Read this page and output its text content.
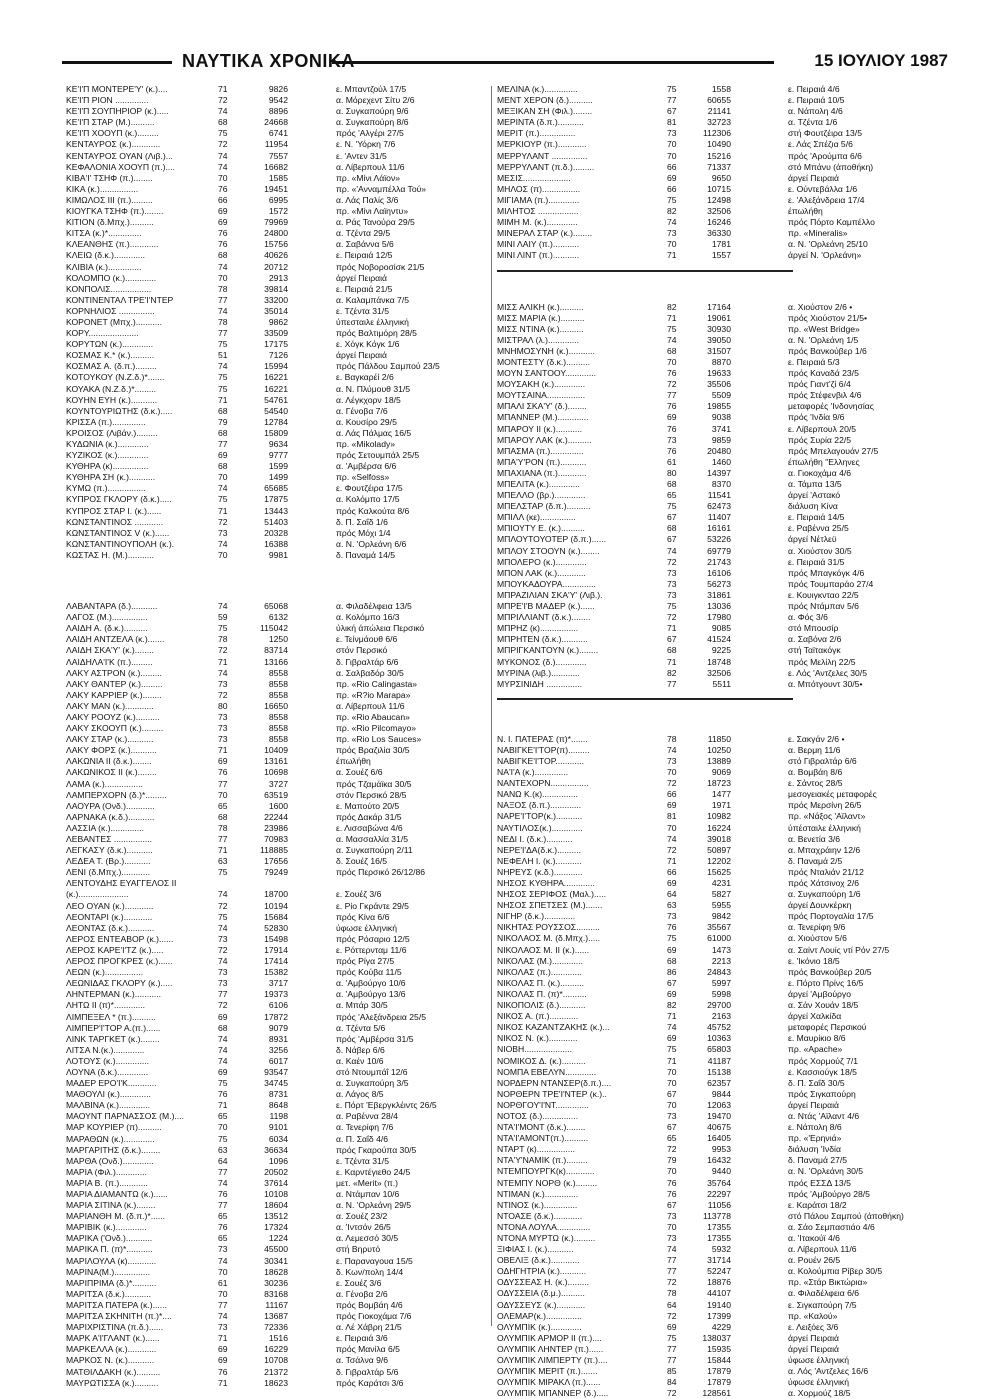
ΝΑΥΤΙΚΑ ΧΡΟΝΙΚΑ	15 ΙΟΥΛΙΟΥ 1987
ΚΕ'Ι'Π ΜΟΝΤΕΡΕ'Υ' (κ.)....	71	9826	ε. Μπαντζούλ 17/5
ΚΕ'Ι'Π ΡΙΟΝ ..............	72	9542	α. Μόρεχεντ Σίτυ 2/6
ΚΕ'Ι'Π ΣΟΥΠΗΡΙΟΡ (κ.).....	74	8896	α. Συγκαπούρη 9/6
ΚΕ'Ι'Π ΣΤΑΡ (Μ.)..........	68	24668	α. Συγκαπούρη 8/6
ΚΕ'Ι'Π ΧΟΟΥΠ (κ.).........	75	6741	πρός 'Αλγέρι 27/5
ΚΕΝΤΑΥΡΟΣ (κ.)............	72	11954	ε. Ν. 'Υόρκη 7/6
ΚΕΝΤΑΥΡΟΣ ΟΥΑΝ (Λιβ.)...	74	7557	ε. 'Αντεν 31/5
ΚΕΦΑΛΟΝΙΑ ΧΟΟΥΠ (π.)....	74	16682	α. Λίβερπουλ 11/6
ΚΙΒΑ'Ι' ΤΣΗΦ (π.)........	70	1585	πρ. «Μίνι Λάϊον»
ΚΙΚΑ (κ.)................	76	19451	πρ. «'Ανναμπέλλα Τού»
ΚΙΜΩΛΟΣ III (π.).........	66	6995	α. Λάς Παλίς 3/6
ΚΙΟΥΓΚΑ ΤΣΗΦ (π.)........	69	1572	πρ. «Μίνι Λαϊηντυ»
ΚΙΤΙΟΝ (δ.Μπχ.)..........	69	79969	α. Ράς Τανούρα 29/5
ΚΙΤΣΑ (κ.)*..............	76	24800	α. Τζέντα 29/5
ΚΛΕΑΝΘΗΣ (π.)............	76	15756	α. Σαβάννα 5/6
ΚΛΕΙΩ (δ.κ.).............	68	40626	ε. Πειραιά 12/5
ΚΛΙΒΙΑ (κ.)..............	74	20712	πρός Νοβοροσίσκ 21/5
ΚΟΛΟΜΠΟ (κ.).............	70	2913	άργεί Πειραιά
ΚΟΝΠΟΛΙΣ.................	78	39814	ε. Πειραιά 21/5
ΚΟΝΤΙΝΕΝΤΑΛ ΤΡΕ'Ι'ΝΤΕΡ	77	33200	α. Καλαμπάνκα 7/5
ΚΟΡΝΗΛΙΟΣ ...............	74	35014	ε. Τζέντα 31/5
ΚΟΡΟΝΕΤ (Μπχ.)...........	78	9862	ύπεσταιλε έλληνική
ΚΟΡΥ.....................	77	33509	πρός Βαλτιμόρη 28/5
ΚΟΡΥΤΩΝ (κ.).............	75	17175	ε. Χόγκ Κόγκ 1/6
ΚΟΣΜΑΣ Κ.* (κ.)..........	51	7126	άργεί Πειραιά
ΚΟΣΜΑΣ Α. (δ.π.).........	74	15994	πρός Πάλδου Σαμπού 23/5
ΚΟΤΟΥΚΟΥ (Ν.Ζ.δ.)*.......	75	16221	ε. Βαγκαρέί 2/6
ΚΟΥΑΚΑ (Ν.Ζ.δ.)*.........	75	16221	α. Ν. Πλύμουθ 31/5
ΚΟΥΗΝ ΕΥΗ (κ.)...........	71	54761	α. Λέγκχορν 18/5
ΚΟΥΝΤΟΥΡΙΩΤΗΣ (δ.κ.).....	68	54540	α. Γένοβα 7/6
ΚΡΙΣΣΑ (π.)..............	79	12784	α. Κουσίρο 29/5
ΚΡΟΙΣΟΣ (Λιβάν.).........	68	15809	α. Λάς Πάλμας 16/5
ΚΥΔΩΝΙΑ (κ.).............	77	9634	πρ. «Mikolady»
ΚΥΖΙΚΟΣ (κ.).............	69	9777	πρός Σετουμπάλ 25/5
ΚΥΘΗΡΑ (κ)...............	68	1599	α. 'Αμβέρσα 6/6
ΚΥΘΗΡΑ ΣΗ (κ.)...........	70	1499	πρ. «Selfoss»
ΚΥΜΩ (π.)................	74	65685	ε. Φουτζέιρα 17/5
ΚΥΠΡΟΣ ΓΚΛΟΡΥ (δ.κ.).....	75	17875	α. Κολόμπο 17/5
ΚΥΠΡΟΣ ΣΤΑΡ Ι. (κ.)......	71	13443	πρός Καλκούτα 8/6
ΚΩΝΣΤΑΝΤΙΝΟΣ ............	72	51403	δ. Π. Σαΐδ 1/6
ΚΩΝΣΤΑΝΤΙΝΟΣ V (κ.)......	73	20328	πρός Μόχι 1/4
ΚΩΝΣΤΑΝΤΙΝΟΥΠΟΛΗ (κ.).	74	16388	α. Ν. 'Ορλεάνη 6/6
ΚΩΣΤΑΣ Η. (Μ.)...........	70	9981	δ. Παναμά 14/5
ΛΑΒΑΝΤΑΡΑ (δ.)...........	74	65068	α. Φιλαδέλφεια 13/5
ΛΑΓΟΣ (Μ.)...............	59	6132	α. Κολόμπο 16/3
ΛΑΙΔΗ Α. (δ.κ.)..........	75	115042	ύλική άπώλεια Περσικό
ΛΑΙΔΗ ΑΝΤΖΕΛΑ (κ.).......	78	1250	ε. Τείνμάουθ 6/6
ΛΑΙΔΗ ΣΚΑ'Υ' (κ.)........	72	83714	στόν Περσικό
ΛΑΙΔΗΛΑ'Ι'Κ (π.).........	71	13166	δ. Γιβραλτάρ 6/6
ΛΑΚΥ ΑΣΤΡΟΝ (κ.).........	74	8558	α. Σαλβαδόρ 30/5
ΛΑΚΥ ΘΑΝΤΕΡ (κ.).........	73	8558	πρ. «Rio Calingasta»
ΛΑΚΥ ΚΑΡΡΙΕΡ (κ.)........	72	8558	πρ. «R?io Marapa»
ΛΑΚΥ ΜΑΝ (κ.)............	80	16650	α. Λίβερπουλ 11/6
ΛΑΚΥ ΡΟΟΥΖ (κ.)..........	73	8558	πρ. «Rio Abaucan»
ΛΑΚΥ ΣΚΟΟΥΠ (κ.).........	73	8558	πρ. «Rio Pilcomayo»
ΛΑΚΥ ΣΤΑΡ (κ.)...........	73	8558	πρ. «Rio Los Sauces»
ΛΑΚΥ ΦΟΡΣ (κ.)...........	71	10409	πρός Βραζιλία 30/5
ΛΑΚΩΝΙΑ II (δ.κ.)........	69	13161	έπωλήθη
ΛΑΚΩΝΙΚΟΣ II (κ.)........	76	10698	α. Σουέζ 6/6
ΛΑΜΑ (κ.)................	77	3727	πρός Τζαμάϊκα 30/5
ΛΑΜΠΕΡΧΟΡΝ (δ.)*.........	70	63519	στόν Περσικό 28/5
ΛΑΟΥΡΑ (Ονδ.)............	65	1600	ε. Μαπούτο 20/5
ΛΑΡΝΑΚΑ (κ.δ.)...........	68	22244	πρός Δακάρ 31/5
ΛΑΣΣΙΑ (κ.)..............	78	23986	ε. Λισσαβώνα 4/6
ΛΕΒΑΝΤΕΣ ................	77	70983	α. Μασσαλλία 31/5
ΛΕΓΚΑΣΥ (δ.κ.)...........	71	118885	α. Συγκαπούρη 2/11
ΛΕΔΕΑ Τ. (Βρ.)...........	63	17656	δ. Σουέζ 16/5
ΛΕΝΙ (δ.Μπχ.)............	75	79249	πρός Περσικό 26/12/86
ΛΕΝΤΟΥΔΗΣ ΕΥΑΓΓΕΛΟΣ II
(κ.).....................	74	18700	ε. Σουέζ 3/6
ΛΕΟ ΟΥΑΝ (κ.)............	72	10194	ε. Ρίο Γκράντε 29/5
ΛΕΟΝΤΑΡΙ (κ.)............	75	15684	πρός Κίνα 6/6
ΛΕΟΝΤΑΣ (δ.κ.)...........	74	52830	ύφωσε έλληνική
ΛΕΡΟΣ ΕΝΤΕΑΒΟΡ (κ.)......	73	15498	πρός Ρόσαριο 12/5
ΛΕΡΟΣ ΚΑΡΕ'Ι'ΤΖ (κ.).....	72	17914	ε. Ρόττερνταμ 11/6
ΛΕΡΟΣ ΠΡΟΓΚΡΕΣ (κ.)......	74	17414	πρός Ρίγα 27/5
ΛΕΩΝ (κ.)................	73	15382	πρός Κούβα 11/5
ΛΕΩΝΙΔΑΣ ΓΚΛΟΡΥ (κ.).....	73	3717	α. 'Αμβούργο 10/6
ΛΗΝΤΕΡΜΑΝ (κ.)...........	77	19373	α. 'Αμβούργο 13/6
ΛΗΤΩ II (π)*.............	72	6106	α. Μπάρ 30/5
ΛΙΜΠΕΞΕΛ * (π.)..........	69	17872	πρός 'Αλεξάνδρεια 25/5
ΛΙΜΠΕΡ'Ι'ΤΟΡ Α.(π.)......	68	9079	α. Τζέντα 5/6
ΛΙΝΚ ΤΑΡΓΚΕΤ (κ.)........	74	8931	πρός 'Αμβέρσα 31/5
ΛΙΤΣΑ Ν.(κ.).............	74	3256	δ. Νάβερ 6/6
ΛΟΤΟΥΣ (κ.)..............	74	6017	α. Καέν 10/6
ΛΟΥΝΑ (δ.κ.).............	69	93547	στό Ντουμπάΐ 12/6
ΜΑΔΕΡ ΕΡΟ'Ι'Κ............	75	34745	α. Συγκαπούρη 3/5
ΜΑΘΟΥΛΙ (κ.).............	76	8731	α. Λάγος 8/5
ΜΑΛΒΙΝΑ (κ.).............	71	8648	ε. Πόρτ 'Εβεργκλέιντς 26/5
ΜΑΟΥΝΤ ΠΑΡΝΑΣΣΟΣ (Μ.)....	65	1198	α. Ραβέννα 28/4
ΜΑΡ ΚΟΥΡΙΕΡ (π)..........	70	9101	α. Τενερίφη 7/6
ΜΑΡΑΘΩΝ (κ.).............	75	6034	α. Π. Σαΐδ 4/6
ΜΑΡΓΑΡΙΤΗΣ (δ.κ.)........	63	36634	πρός Γκαρούπα 30/5
ΜΑΡΘΑ (Ονδ.).............	64	1096	ε. Τζέντα 31/5
ΜΑΡΙΑ (Φιλ.).............	77	20502	ε. Καρντέγιεθο 24/5
ΜΑΡΙΑ Β. (π.)............	74	37614	μετ. «Merit» (π.)
ΜΑΡΙΑ ΔΙΑΜΑΝΤΩ (κ.)......	76	10108	α. Ντάμπαν 10/6
ΜΑΡΙΑ ΣΙΤΙΝΑ (κ.)........	77	18604	α. Ν. 'Ορλεάνη 29/5
ΜΑΡΙΑΝΘΗ Μ. (δ.π.)*......	65	13512	α. Σουέζ 23/2
ΜΑΡΙΒΙΚ (κ.).............	76	17324	α. 'Ιντσόν 26/5
ΜΑΡΙΚΑ ('Ονδ.)...........	65	1224	α. Λεμεσσό 30/5
ΜΑΡΙΚΑ Π. (π)*...........	73	45500	στή Βηρυτό
ΜΑΡΙΛΟΥΛΑ (κ)............	74	30341	ε. Παραναγουα 15/5
ΜΑΡΙΝΑ(Μ.)...............	70	18628	δ. Κων/πολη 14/4
ΜΑΡΙΠΡΙΜΑ (δ.)*..........	61	30236	ε. Σουέζ 3/6
ΜΑΡΙΤΣΑ (δ.κ.)...........	70	83168	α. Γένοβα 2/6
ΜΑΡΙΤΣΑ ΠΑΤΕΡΑ (κ.)......	77	11167	πρός Βομβάη 4/6
ΜΑΡΙΤΣΑ ΣΚΗΝΙΤΗ (π.)*....	74	13687	πρός Γιοκοχάμα 7/6
ΜΑΡΙΧΡΙΣΤΙΝΑ (π.δ.)......	73	72336	α. Λέ Χάβρη 21/5
ΜΑΡΚ Α'Ι'ΓΛΑΝΤ (κ.)......	71	1516	ε. Πειραιά 3/6
ΜΑΡΚΕΛΛΑ (κ.)............	69	16229	πρός Μανίλα 6/5
ΜΑΡΚΟΣ Ν. (κ.)...........	69	10708	α. Τσάλνα 9/6
ΜΑΤΘΙΛΔΑΚΗ (κ.)..........	76	21372	δ. Γιβραλτάρ 5/6
ΜΑΥΡΩΤΙΣΣΑ (κ.)..........	71	18623	πρός Καράτσι 3/6
ΜΕΛΙΝΑ (κ.)..............	75	1558	ε. Πειραιά 4/6
ΜΕΝΤ ΧΕΡΟΝ (δ.)..........	77	60655	ε. Πειραιά 10/5
ΜΕΞΙΚΑΝ ΣΗ (Φιλ.)........	67	21141	α. Νάπολη 4/6
ΜΕΡΙΝΤΑ (δ.π.)...........	81	32723	α. Τζέντα 1/6
ΜΕΡΙΤ (π.)...............	73	112306	στή Φουτζέιρα 13/5
ΜΕΡΚΙΟΥΡ (π.)............	70	10490	ε. Λάς Σπέζια 5/6
ΜΕΡΡΥΛΑΝΤ ...............	70	15216	πρός 'Αρούμπα 6/6
ΜΕΡΡΥΛΑΝΤ (π.δ.).........	66	71337	στό Μπάνυ (άποθήκη)
ΜΕΣΙΣ....................	69	9650	άργεί Πειραιά
ΜΗΛΟΣ (π)................	66	10715	ε. Ούντεβάλλα 1/6
ΜΙΓΙΑΜΑ (π.).............	75	12498	ε. 'Αλεξάνδρεια 17/4
ΜΙΛΗΤΟΣ .................	82	32506	έπωλήθη
ΜΙΜΗ Μ. (κ.).............	74	16246	πρός Πόρτο Καμπέλλο
ΜΙΝΕΡΑΛ ΣΤΑΡ (κ.)........	73	36330	πρ. «Mineralis»
ΜΙΝΙ ΛΑΙΥ (π.)...........	70	1781	α. Ν. 'Ορλεάνη 25/10
ΜΙΝΙ ΛΙΝΤ (π.)...........	71	1557	άργεί Ν. 'Ορλεάνη»
ΜΙΣΣ ΑΛΙΚΗ (κ.)..........	82	17164	α. Χιούστον 2/6 •
ΜΙΣΣ ΜΑΡΙΑ (κ.)..........	71	19061	πρός Χιούστον 21/5•
ΜΙΣΣ ΝΤΙΝΑ (κ.)..........	75	30930	πρ. «West Bridge»
ΜΙΣΤΡΑΛ (λ.).............	74	39050	α. Ν. 'Ορλεάνη 1/5
ΜΝΗΜΟΣΥΝΗ (κ.)...........	68	31507	πρός Βανκούβερ 1/6
ΜΟΝΤΕΣΤΥ (δ.κ.)..........	70	8870	ε. Πειραιά 5/3
ΜΟΥΝ ΣΑΝΤΟΟΥ.............	76	19633	πρός Καναδά 23/5
ΜΟΥΣΑΚΗ (κ.).............	72	35506	πρός Γιαντ'ζί 6/4
ΜΟΥΤΣΑΙΝΑ................	77	5509	πρός Στέφενβιλ 4/6
ΜΠΑΛΙ ΣΚΑ'Υ' (δ.)........	76	19855	μεταφορές 'Ινδονησίας
ΜΠΑΝΝΕΡ (Μ.).............	69	9038	πρός 'Ινδία 9/6
ΜΠΑΡΟΥ II (κ.)...........	76	3741	ε. Λίβερπουλ 20/5
ΜΠΑΡΟΥ ΛΑΚ (κ.)..........	73	9859	πρός Συρία 22/5
ΜΠΑΣΜΑ (π.)..............	76	20480	πρός Μπελαγουάν 27/5
ΜΠΑ'Υ'ΡΟΝ (π.)...........	61	1460	έπωλήθη "Ελληνες
ΜΠΑΧΙΑΝΑ (π.)............	80	14397	α. Γιοκοχάμα 4/6
ΜΠΕΛΙΤΑ (κ.).............	68	8370	α. Τάμπα 13/5
ΜΠΕΛΛΟ (βρ.).............	65	11541	άργεί 'Αστακό
ΜΠΕΛΣΤΑΡ (δ.π.)..........	75	62473	διάλυση Κίνα
ΜΠΙΛΛ (κε)...............	67	11407	ε. Πειραιά 14/5
ΜΠΙΟΥΤΥ Ε. (κ.)..........	68	16161	ε. Ραβέννα 25/5
ΜΠΛΟΥΤΟΥΟΤΕΡ (δ.π.)......	67	53226	άργεί Νέτλεϋ
ΜΠΛΟΥ ΣΤΟΟΥΝ (κ.)........	74	69779	α. Χιούστον 30/5
ΜΠΟΛΕΡΟ (κ.).............	72	21743	ε. Πειραιά 31/5
ΜΠΟΝ ΛΑΚ (κ.)............	73	16106	πρός Μπαγκόγκ 4/6
ΜΠΟΥΚΑΔΟΥΡΑ..............	73	56273	πρός Τουμπαράο 27/4
ΜΠΡΑΖΙΛΙΑΝ ΣΚΑ'Υ' (Λιβ.).	73	31861	ε. Κουιγκνταο 22/5
ΜΠΡΕ'Ι'Β ΜΑΔΕΡ (κ.)......	75	13036	πρός Ντάμπαν 5/6
ΜΠΡΙΛΛΙΑΝΤ (δ.κ.)........	72	17980	α. Φός 3/6
ΜΠΡΗΖ (κ)................	71	9085	στό Μπουσίρ
ΜΠΡΗΤΕΝ (δ.κ.)...........	67	41524	α. Σαβόνα 2/6
ΜΠΡΙΓΚΑΝΤΟΥΝ (κ.)........	68	9225	στή Ταϊτακόγκ
ΜΥΚΟΝΟΣ (δ.).............	71	18748	πρός Μελίλη 22/5
ΜΥΡΙΝΑ (λιβ.)............	82	32506	ε. Λός 'Αντζελες 30/5
ΜΥΡΣΙΝΙΔΗ ...............	77	5511	α. Μπότγουντ 30/5•
Ν. Ι. ΠΑΤΕΡΑΣ (π)*.......	78	11850	ε. Σακγάν 2/6 •
ΝΑΒΙΓΚΕ'Ι'ΤΟΡ(π).........	74	10250	α. Βερμη 11/6
ΝΑΒΙΓΚΕ'Ι'ΤΟΡ............	73	13889	στό Γιβραλτάρ 6/6
ΝΑ'Ι'Α (κ.)..............	70	9069	α. Βομβάη 8/6
ΝΑΝΤΕΧΟΡΝ................	72	18723	ε. Σάντος 28/5
ΝΑΝΩ Κ.(κ)...............	66	1477	μεσογειακές μεταφορές
ΝΑΞΟΣ (δ.π.).............	69	1971	πρός Μερσίνη 26/5
ΝΑΡΕ'Ι'ΤΟΡ(κ.)...........	81	10982	πρ. «Νάξος 'Αϊλαντ»
ΝΑΥΤΙΛΟΣ(κ.).............	70	16224	ύπέσταιλε έλληνική
ΝΕΔΙ Ι. (δ.κ.)...........	74	39018	α. Βενετία 3/6
ΝΕΡΕ'Ι'ΔΑ(δ.κ.)..........	72	50897	α. Μπαχράιην 12/6
ΝΕΦΕΛΗ Ι. (κ.)...........	71	12202	δ. Παναμά 2/5
ΝΗΡΕΥΣ (κ.δ.)............	66	15625	πρός Νταλιάν 21/12
ΝΗΣΟΣ ΚΥΘΗΡΑ.............	69	4231	πρός Χάτσινοχ 2/6
ΝΗΣΟΣ ΣΕΡΙΦΟΣ (Μαλ.).....	64	5827	α. Συγκαπούρη 1/6
ΝΗΣΟΣ ΣΠΕΤΣΕΣ (Μ.).......	63	5955	άργεί Δουνκέρκη
ΝΙΓΗΡ (δ.κ.).............	73	9842	πρός Πορτογαλία 17/5
ΝΙΚΗΤΑΣ ΡΟΥΣΣΟΣ..........	76	35567	α. Τενερίφη 9/6
ΝΙΚΟΛΑΟΣ Μ. (δ.Μπχ.).....	75	61000	α. Χιούστον 5/6
ΝΙΚΟΛΑΟΣ Μ. II (κ.)......	69	1473	α. Σαίντ Λουίς ντί Ρόν 27/5
ΝΙΚΟΛΑΣ (Μ.).............	68	2213	ε. 'Ικόνιο 18/5
ΝΙΚΟΛΑΣ (π.).............	86	24843	πρός Βανκούβερ 20/5
ΝΙΚΟΛΑΣ Π. (κ.)..........	67	5997	ε. Πόρτο Πρίνς 16/5
ΝΙΚΟΛΑΣ Π. (π)*..........	69	5998	άργεί 'Αμβούργο
ΝΙΚΟΠΟΛΙΣ (δ.)...........	82	29700	α. Σάν Χουάν 18/5
ΝΙΚΟΣ Α. (π.)............	71	2163	άργεί Χαλκίδα
ΝΙΚΟΣ ΚΑΖΑΝΤΖΑΚΗΣ (κ.)...	74	45752	μεταφορές Περσικού
ΝΙΚΟΣ Ν. (κ.)............	69	10363	ε. Μαυρίκιο 8/6
ΝΙΟΒΗ....................	75	65803	πρ. «Apache»
ΝΟΜΙΚΟΣ Δ. (κ.)..........	71	41187	πρός Χορμούζ 7/1
ΝΟΜΠΑ ΕΒΕΛΥΝ.............	70	15138	ε. Κασσιούγκ 18/5
ΝΟΡΔΕΡΝ ΝΤΑΝΣΕΡ(δ.π.)....	70	62357	δ. Π. Σαΐδ 30/5
ΝΟΡΘΕΡΝ ΤΡΕ'Ι'ΝΤΕΡ (κ.)..	67	9844	πρός Σιγκαπούρη
ΝΟΡΘΓΟΥ'Ι'ΝΤ..............	70	12063	άργεί Πειραιά
ΝΟΤΟΣ (δ.)...............	73	19470	α. Ντάς 'Αϊλαντ 4/6
ΝΤΑ'Ι'ΜΟΝΤ (δ.κ.)........	67	40675	ε. Νάπολη 8/6
ΝΤΑ'Ι'ΑΜΟΝΤ(π.)..........	65	16405	πρ. «'Ερηνιά»
ΝΤΑΡΤ (κ)................	72	9953	διάλυση 'Ινδία
ΝΤΑ'Υ'ΝΑΜΙΚ (π.).........	79	16432	δ. Παναμά 27/5
ΝΤΕΜΠΟΥΡΓΚ(κ)............	70	9440	α. Ν. 'Ορλεάνη 30/5
ΝΤΕΜΠΥ ΝΟΡΘ (κ.).........	76	35764	πρός ΕΣΣΔ 13/5
ΝΤΙΜΑΝ (κ.)..............	76	22297	πρός 'Αμβούργο 28/5
ΝΤΙΝΟΣ (κ.)..............	67	11056	ε. Καράτσι 18/2
ΝΤΟΑΣΕ (δ.κ.)............	73	113778	στό Πάλου Σαμπού (άποθήκη)
ΝΤΟΝΑ ΛΟΥΛΑ..............	70	17355	α. Σάο Σεμπαστιάο 4/6
ΝΤΟΝΑ ΜΥΡΤΩ (κ.).........	73	17355	α. 'Ιτακούϊ 4/6
ΞΙΦΙΑΣ Ι. (κ.)...........	74	5932	α. Λίβερπουλ 11/6
ΟΒΕΛΙΞ (δ.κ.)............	77	31714	α. Ρουέν 26/5
ΟΔΗΓΗΤΡΙΑ (κ.)...........	77	52247	α. Κολούμπια Ρίβερ 30/5
ΟΔΥΣΣΕΑΣ Η. (κ.).........	72	18876	πρ. «Στάρ Βικτώρια»
ΟΔΥΣΣΕΙΑ (δ.μ.)..........	78	44107	α. Φιλαδέλφεια 6/6
ΟΔΥΣΣΕΥΣ (κ.)............	64	19140	ε. Σιγκαπούρη 7/5
ΟΛΕΜΑΡ(κ.)...............	72	17399	πρ. «Καλού»
ΟΛΥΜΠΙΚ (κ.).............	69	4229	ε. Λειξόες 3/6
ΟΛΥΜΠΙΚ ΑΡΜΟΡ ΙΙ (π.)....	75	138037	άργεί Πειραιά
ΟΛΥΜΠΙΚ ΛΗΝΤΕΡ (π.)......	77	15935	άργεί Πειραιά
ΟΛΥΜΠΙΚ ΛΙΜΠΕΡΤΥ (π.)....	77	15844	ύφωσε έλληνική
ΟΛΥΜΠΙΚ ΜΕΡΙΤ (π.).......	85	17879	α. Λός 'Αντζελες 16/6
ΟΛΥΜΠΙΚ ΜΙΡΑΚΛ (π.)......	84	17879	ύφωσε έλληνική
ΟΛΥΜΠΙΚ ΜΠΑΝΝΕΡ (δ.).....	72	128561	α. Χορμούζ 18/5
